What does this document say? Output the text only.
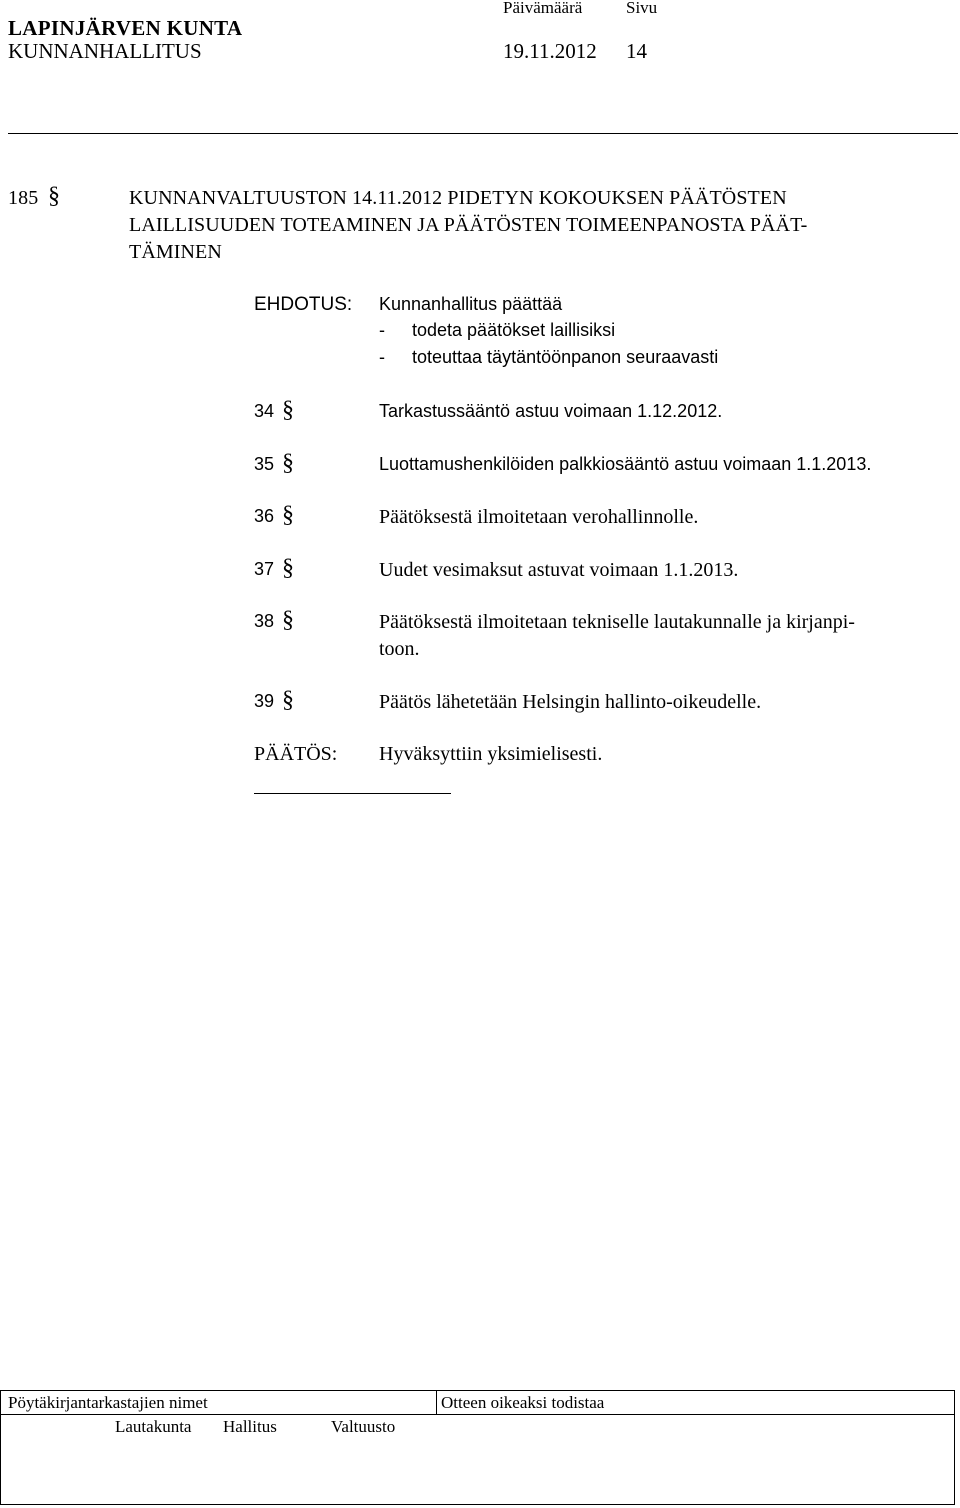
LAPINJÄRVEN KUNTA
KUNNANHALLITUS
Päivämäärä	Sivu
19.11.2012 14
185 §	KUNNANVALTUUSTON 14.11.2012 PIDETYN KOKOUKSEN PÄÄTÖSTEN
LAILLISUUDEN TOTEAMINEN JA PÄÄTÖSTEN TOIMEENPANOSTA PÄÄT-
TÄMINEN
EHDOTUS: Kunnanhallitus päättää
- todeta päätökset laillisiksi
- toteuttaa täytäntöönpanon seuraavasti
34 §	Tarkastussääntö astuu voimaan 1.12.2012.
35 §	Luottamushenkilöiden palkkiosääntö astuu voimaan 1.1.2013.
36 §	Päätöksestä ilmoitetaan verohallinnolle.
37 §	Uudet vesimaksut astuvat voimaan 1.1.2013.
38 §	Päätöksestä ilmoitetaan tekniselle lautakunnalle ja kirjanpi-
toon.
39 §	Päätös lähetetään Helsingin hallinto-oikeudelle.
PÄÄTÖS: Hyväksyttiin yksimielisesti.
Pöytäkirjantarkastajien nimet	Otteen oikeaksi todistaa
Lautakunta Hallitus	Valtuusto
